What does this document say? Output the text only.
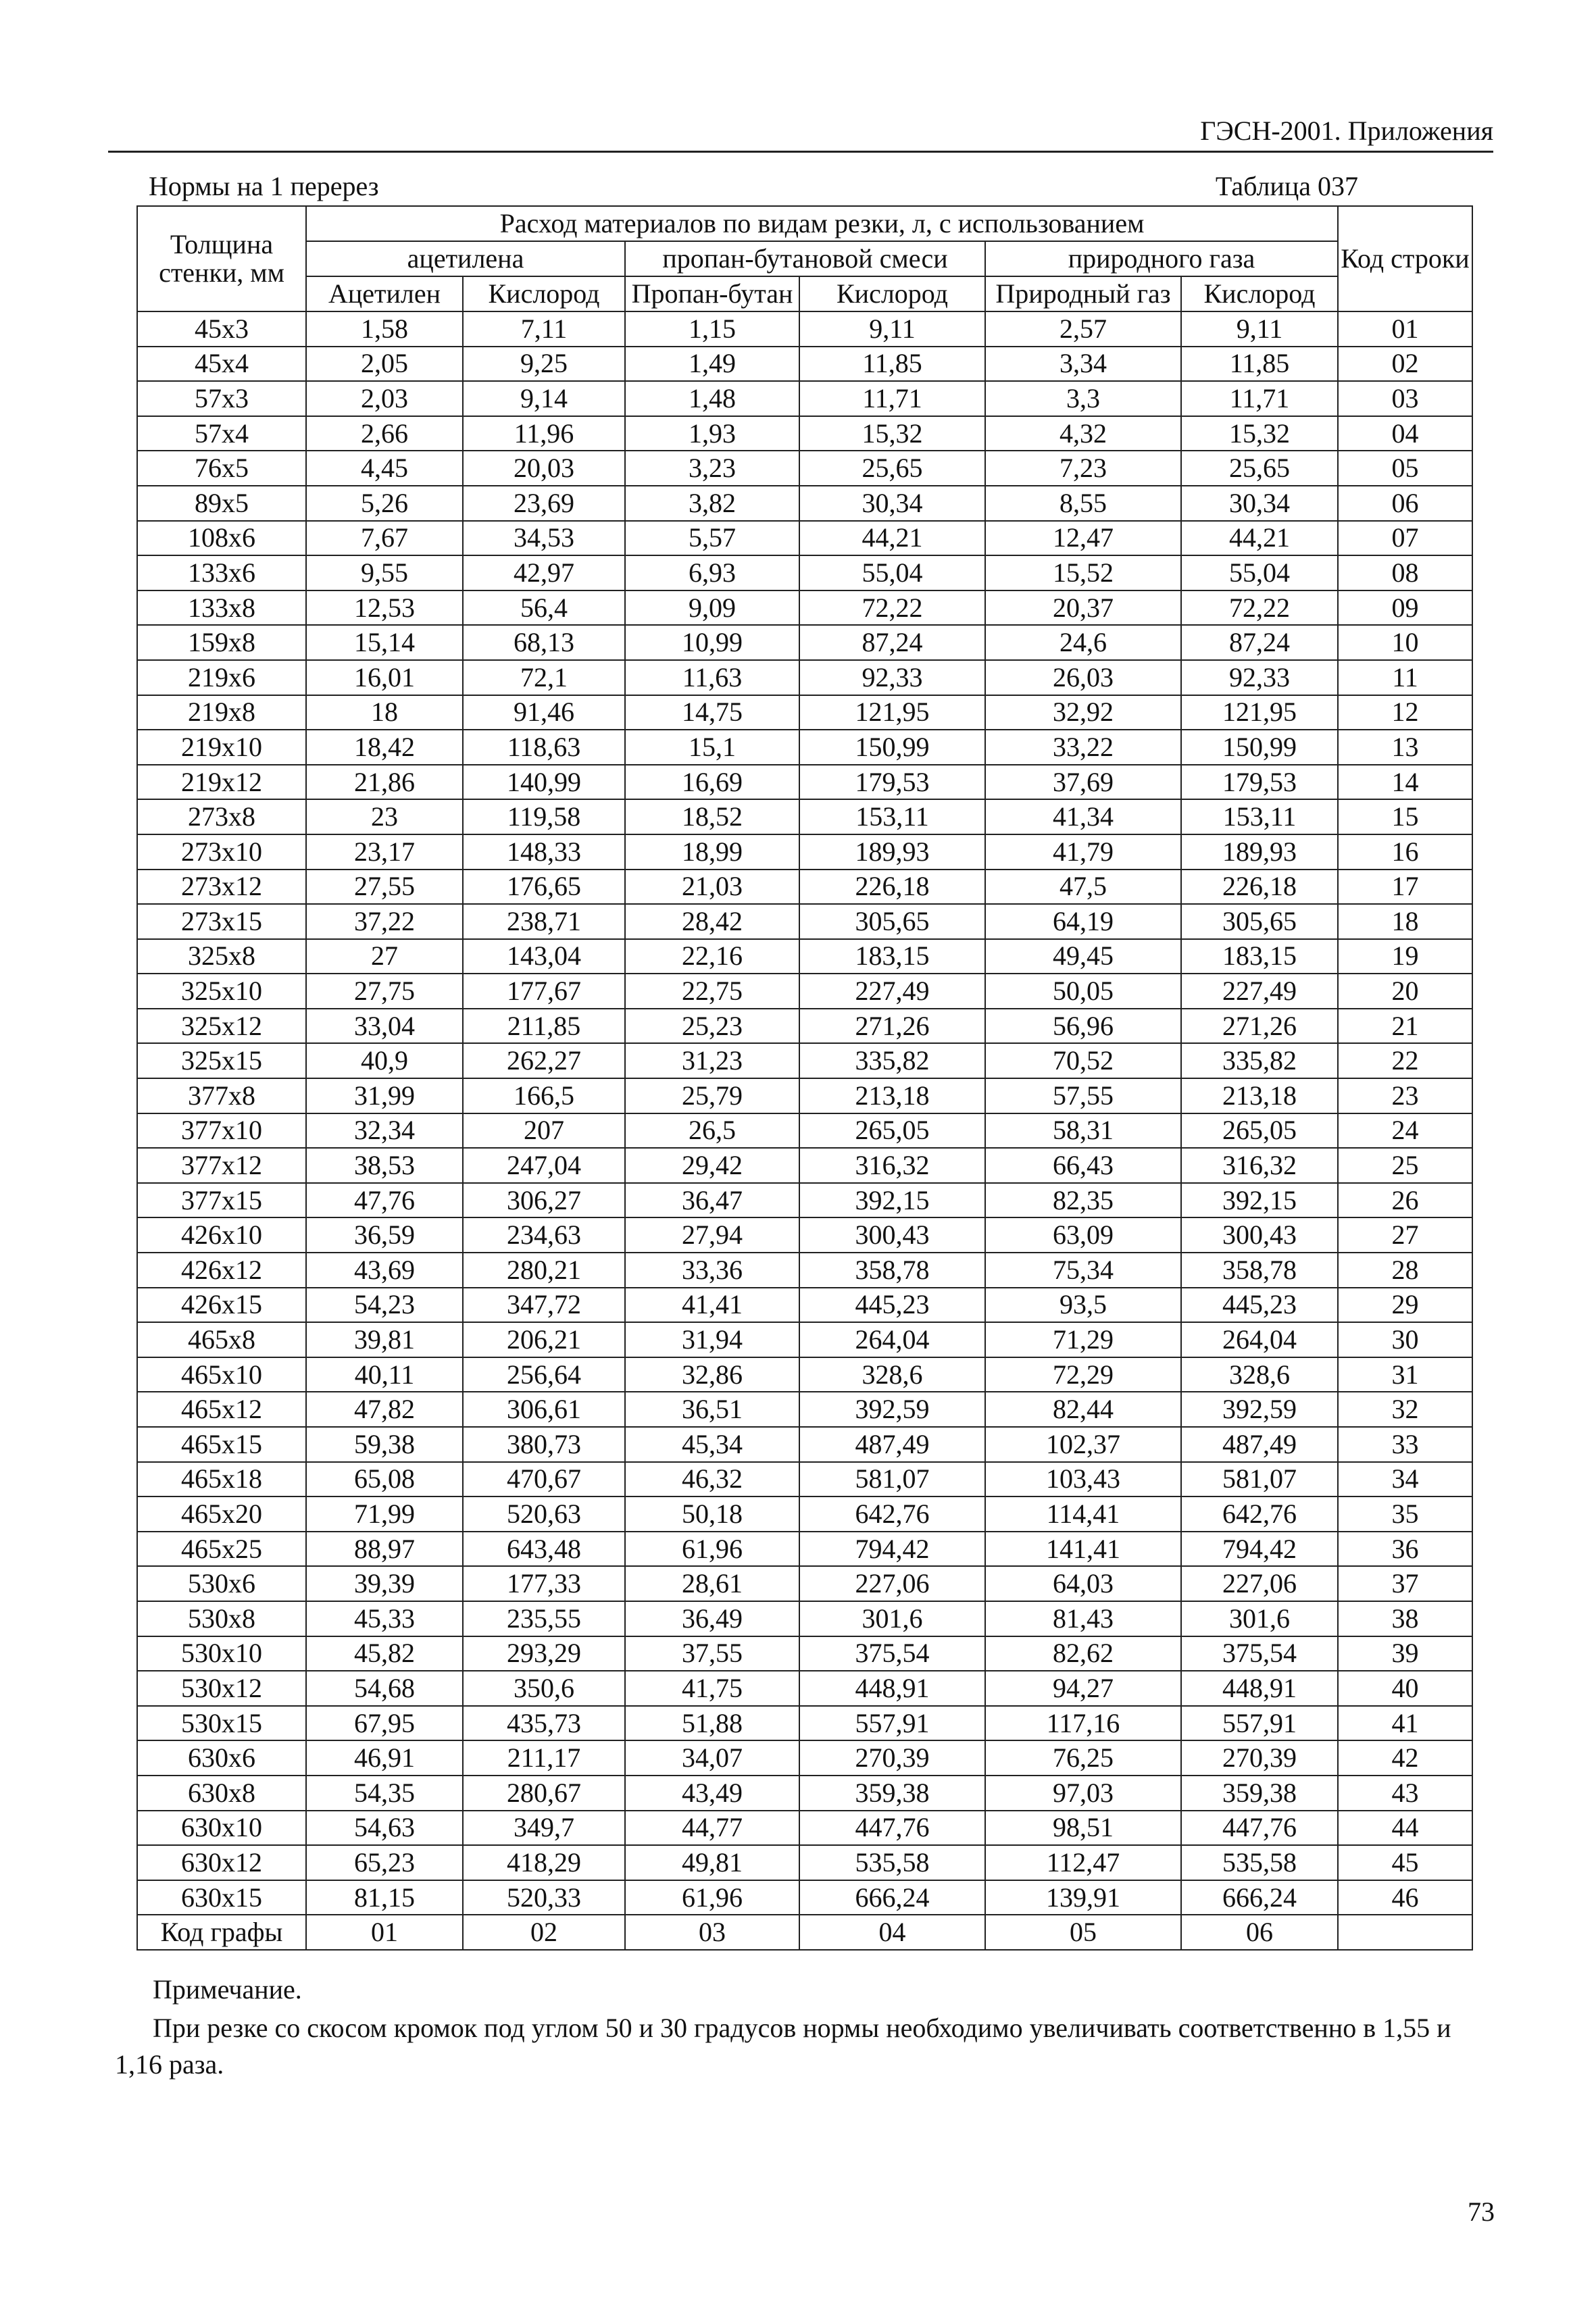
ГЭСН-2001. Приложения
Нормы на 1 перерез	Таблица 037
Толщина стенки, мм	Расход материалов по видам резки, л, с использованием						Код строки
	ацетилена		пропан-бутановой смеси		природного газа		
	Ацетилен	Кислород	Пропан-бутан	Кислород	Природный газ	Кислород	
45x3	1,58	7,11	1,15	9,11	2,57	9,11	01
45x4	2,05	9,25	1,49	11,85	3,34	11,85	02
57x3	2,03	9,14	1,48	11,71	3,3	11,71	03
57x4	2,66	11,96	1,93	15,32	4,32	15,32	04
76x5	4,45	20,03	3,23	25,65	7,23	25,65	05
89x5	5,26	23,69	3,82	30,34	8,55	30,34	06
108x6	7,67	34,53	5,57	44,21	12,47	44,21	07
133x6	9,55	42,97	6,93	55,04	15,52	55,04	08
133x8	12,53	56,4	9,09	72,22	20,37	72,22	09
159x8	15,14	68,13	10,99	87,24	24,6	87,24	10
219x6	16,01	72,1	11,63	92,33	26,03	92,33	11
219x8	18	91,46	14,75	121,95	32,92	121,95	12
219x10	18,42	118,63	15,1	150,99	33,22	150,99	13
219x12	21,86	140,99	16,69	179,53	37,69	179,53	14
273x8	23	119,58	18,52	153,11	41,34	153,11	15
273x10	23,17	148,33	18,99	189,93	41,79	189,93	16
273x12	27,55	176,65	21,03	226,18	47,5	226,18	17
273x15	37,22	238,71	28,42	305,65	64,19	305,65	18
325x8	27	143,04	22,16	183,15	49,45	183,15	19
325x10	27,75	177,67	22,75	227,49	50,05	227,49	20
325x12	33,04	211,85	25,23	271,26	56,96	271,26	21
325x15	40,9	262,27	31,23	335,82	70,52	335,82	22
377x8	31,99	166,5	25,79	213,18	57,55	213,18	23
377x10	32,34	207	26,5	265,05	58,31	265,05	24
377x12	38,53	247,04	29,42	316,32	66,43	316,32	25
377x15	47,76	306,27	36,47	392,15	82,35	392,15	26
426x10	36,59	234,63	27,94	300,43	63,09	300,43	27
426x12	43,69	280,21	33,36	358,78	75,34	358,78	28
426x15	54,23	347,72	41,41	445,23	93,5	445,23	29
465x8	39,81	206,21	31,94	264,04	71,29	264,04	30
465x10	40,11	256,64	32,86	328,6	72,29	328,6	31
465x12	47,82	306,61	36,51	392,59	82,44	392,59	32
465x15	59,38	380,73	45,34	487,49	102,37	487,49	33
465x18	65,08	470,67	46,32	581,07	103,43	581,07	34
465x20	71,99	520,63	50,18	642,76	114,41	642,76	35
465x25	88,97	643,48	61,96	794,42	141,41	794,42	36
530x6	39,39	177,33	28,61	227,06	64,03	227,06	37
530x8	45,33	235,55	36,49	301,6	81,43	301,6	38
530x10	45,82	293,29	37,55	375,54	82,62	375,54	39
530x12	54,68	350,6	41,75	448,91	94,27	448,91	40
530x15	67,95	435,73	51,88	557,91	117,16	557,91	41
630x6	46,91	211,17	34,07	270,39	76,25	270,39	42
630x8	54,35	280,67	43,49	359,38	97,03	359,38	43
630x10	54,63	349,7	44,77	447,76	98,51	447,76	44
630x12	65,23	418,29	49,81	535,58	112,47	535,58	45
630x15	81,15	520,33	61,96	666,24	139,91	666,24	46
Код графы	01	02	03	04	05	06	
Примечание.
При резке со скосом кромок под углом 50 и 30 градусов нормы необходимо увеличивать соответственно в 1,55 и 1,16 раза.
73
